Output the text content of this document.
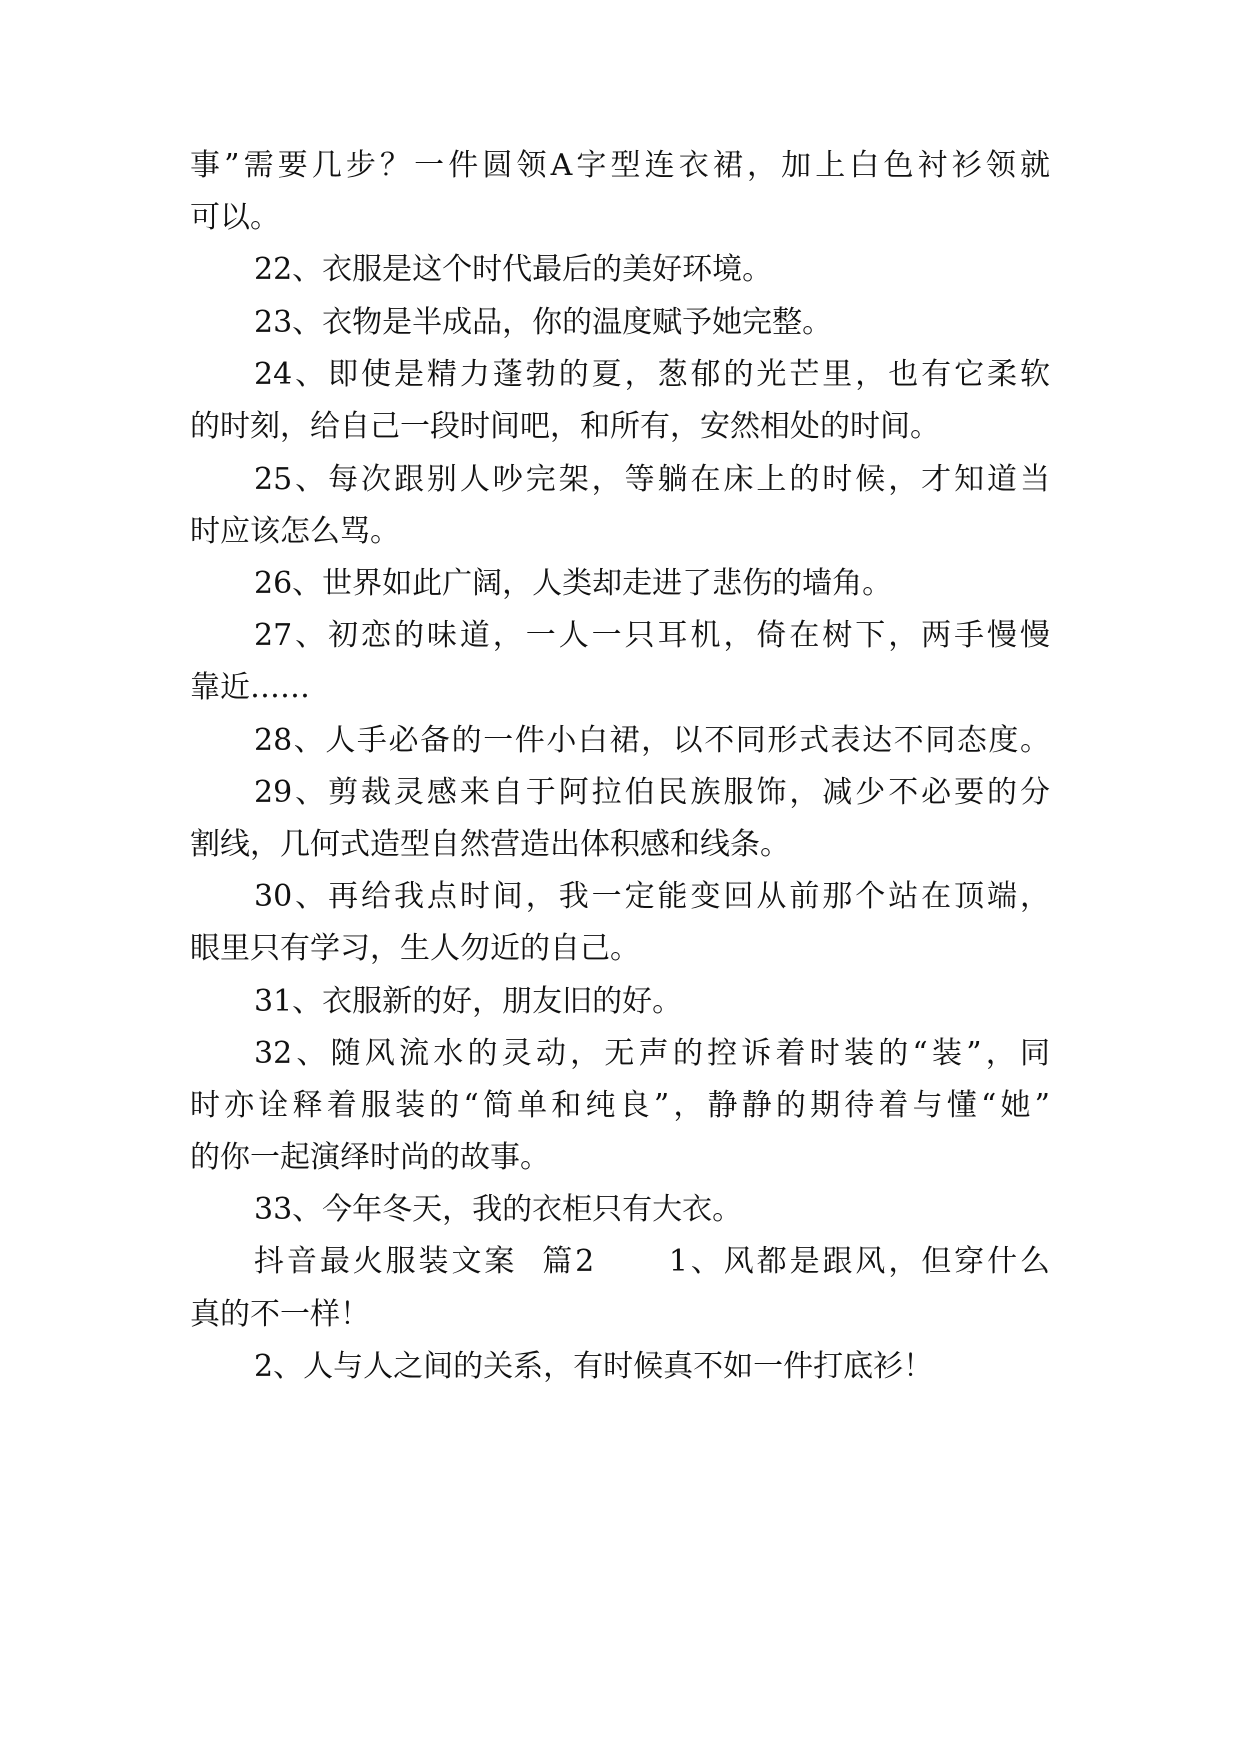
事”需要几步？一件圆领A字型连衣裙，加上白色衬衫领就
可以。
22、衣服是这个时代最后的美好环境。
23、衣物是半成品，你的温度赋予她完整。
24、即使是精力蓬勃的夏，葱郁的光芒里，也有它柔软
的时刻，给自己一段时间吧，和所有，安然相处的时间。
25、每次跟别人吵完架，等躺在床上的时候，才知道当
时应该怎么骂。
26、世界如此广阔，人类却走进了悲伤的墙角。
27、初恋的味道，一人一只耳机，倚在树下，两手慢慢
靠近……
28、人手必备的一件小白裙，以不同形式表达不同态度。
29、剪裁灵感来自于阿拉伯民族服饰，减少不必要的分
割线，几何式造型自然营造出体积感和线条。
30、再给我点时间，我一定能变回从前那个站在顶端，
眼里只有学习，生人勿近的自己。
31、衣服新的好，朋友旧的好。
32、随风流水的灵动，无声的控诉着时装的“装”，同
时亦诠释着服装的“简单和纯良”，静静的期待着与懂“她”
的你一起演绎时尚的故事。
33、今年冬天，我的衣柜只有大衣。
抖音最火服装文案  篇2      1、风都是跟风，但穿什么
真的不一样！
2、人与人之间的关系，有时候真不如一件打底衫！
